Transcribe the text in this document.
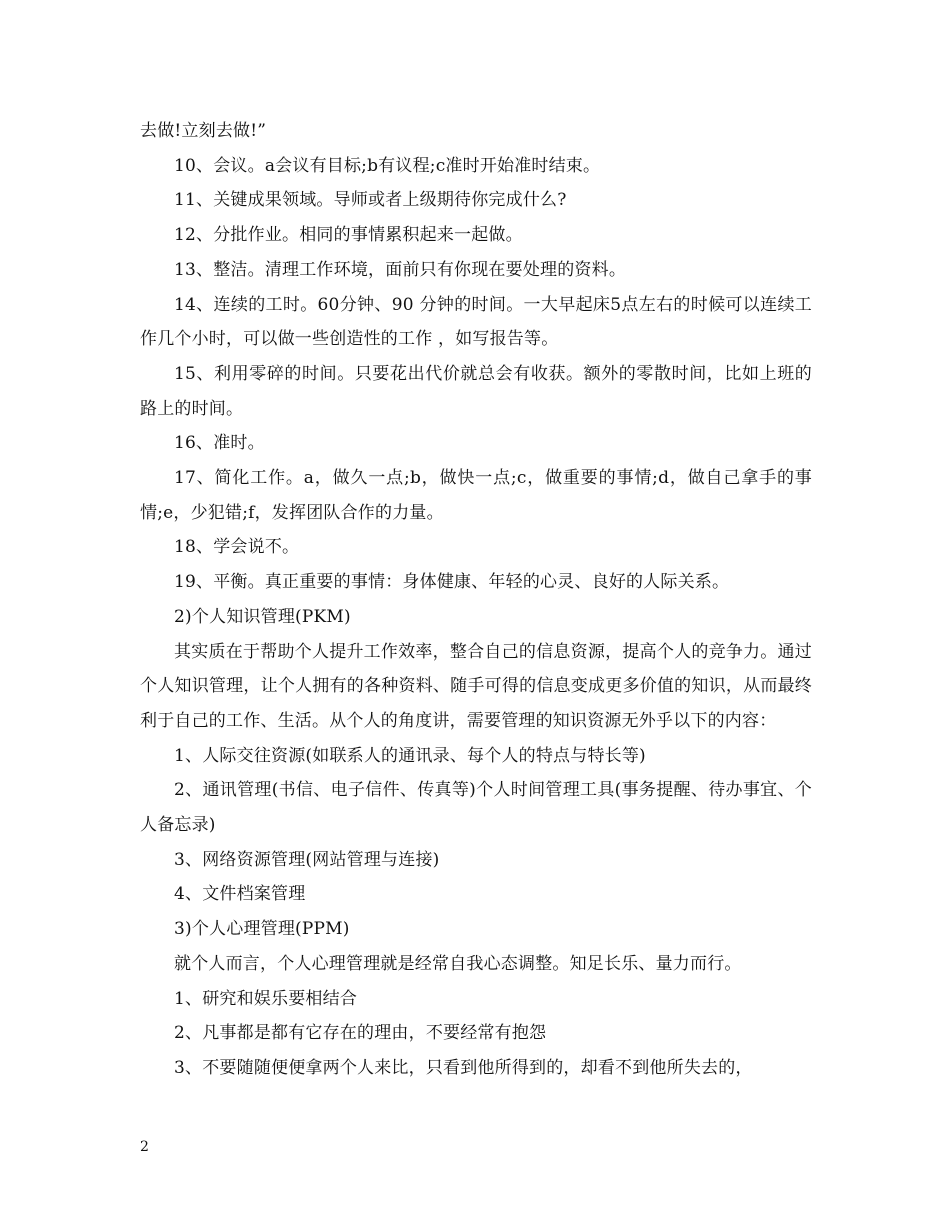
去做!立刻去做!”

10、会议。a会议有目标;b有议程;c准时开始准时结束。

11、关键成果领域。导师或者上级期待你完成什么?

12、分批作业。相同的事情累积起来一起做。

13、整洁。清理工作环境，面前只有你现在要处理的资料。

14、连续的工时。60分钟、90 分钟的时间。一大早起床5点左右的时候可以连续工作几个小时，可以做一些创造性的工作 ，如写报告等。

15、利用零碎的时间。只要花出代价就总会有收获。额外的零散时间，比如上班的路上的时间。

16、准时。

17、简化工作。a，做久一点;b，做快一点;c，做重要的事情;d，做自己拿手的事情;e，少犯错;f，发挥团队合作的力量。

18、学会说不。

19、平衡。真正重要的事情：身体健康、年轻的心灵、良好的人际关系。

2)个人知识管理(PKM)

其实质在于帮助个人提升工作效率，整合自己的信息资源，提高个人的竞争力。通过个人知识管理，让个人拥有的各种资料、随手可得的信息变成更多价值的知识，从而最终利于自己的工作、生活。从个人的角度讲，需要管理的知识资源无外乎以下的内容：

1、人际交往资源(如联系人的通讯录、每个人的特点与特长等)

2、通讯管理(书信、电子信件、传真等)个人时间管理工具(事务提醒、待办事宜、个人备忘录)

3、网络资源管理(网站管理与连接)

4、文件档案管理

3)个人心理管理(PPM)

就个人而言，个人心理管理就是经常自我心态调整。知足长乐、量力而行。

1、研究和娱乐要相结合

2、凡事都是都有它存在的理由，不要经常有抱怨

3、不要随随便便拿两个人来比，只看到他所得到的，却看不到他所失去的，

2
